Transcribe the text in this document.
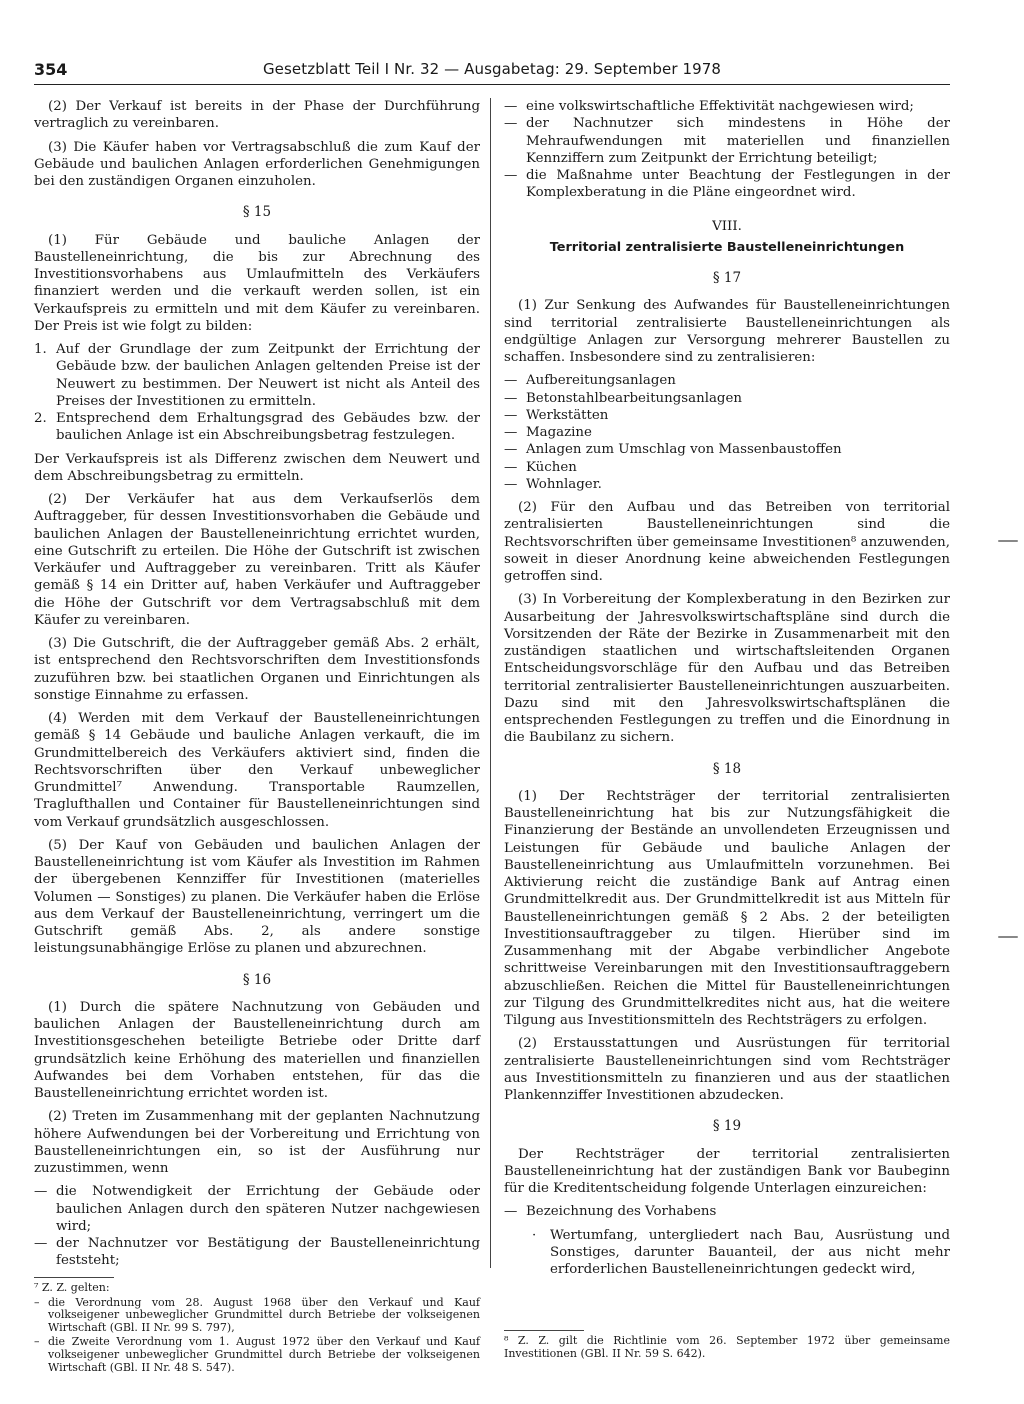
354	Gesetzblatt Teil I Nr. 32 — Ausgabetag: 29. September 1978

(2) Der Verkauf ist bereits in der Phase der Durchführung vertraglich zu vereinbaren.

(3) Die Käufer haben vor Vertragsabschluß die zum Kauf der Gebäude und baulichen Anlagen erforderlichen Genehmigungen bei den zuständigen Organen einzuholen.

§ 15

(1) Für Gebäude und bauliche Anlagen der Baustelleneinrichtung, die bis zur Abrechnung des Investitionsvorhabens aus Umlaufmitteln des Verkäufers finanziert werden und die verkauft werden sollen, ist ein Verkaufspreis zu ermitteln und mit dem Käufer zu vereinbaren. Der Preis ist wie folgt zu bilden:

1. Auf der Grundlage der zum Zeitpunkt der Errichtung der Gebäude bzw. der baulichen Anlagen geltenden Preise ist der Neuwert zu bestimmen. Der Neuwert ist nicht als Anteil des Preises der Investitionen zu ermitteln.
2. Entsprechend dem Erhaltungsgrad des Gebäudes bzw. der baulichen Anlage ist ein Abschreibungsbetrag festzulegen.

Der Verkaufspreis ist als Differenz zwischen dem Neuwert und dem Abschreibungsbetrag zu ermitteln.

(2) Der Verkäufer hat aus dem Verkaufserlös dem Auftraggeber, für dessen Investitionsvorhaben die Gebäude und baulichen Anlagen der Baustelleneinrichtung errichtet wurden, eine Gutschrift zu erteilen. Die Höhe der Gutschrift ist zwischen Verkäufer und Auftraggeber zu vereinbaren. Tritt als Käufer gemäß § 14 ein Dritter auf, haben Verkäufer und Auftraggeber die Höhe der Gutschrift vor dem Vertragsabschluß mit dem Käufer zu vereinbaren.

(3) Die Gutschrift, die der Auftraggeber gemäß Abs. 2 erhält, ist entsprechend den Rechtsvorschriften dem Investitionsfonds zuzuführen bzw. bei staatlichen Organen und Einrichtungen als sonstige Einnahme zu erfassen.

(4) Werden mit dem Verkauf der Baustelleneinrichtungen gemäß § 14 Gebäude und bauliche Anlagen verkauft, die im Grundmittelbereich des Verkäufers aktiviert sind, finden die Rechtsvorschriften über den Verkauf unbeweglicher Grundmittel⁷ Anwendung. Transportable Raumzellen, Traglufthallen und Container für Baustelleneinrichtungen sind vom Verkauf grundsätzlich ausgeschlossen.

(5) Der Kauf von Gebäuden und baulichen Anlagen der Baustelleneinrichtung ist vom Käufer als Investition im Rahmen der übergebenen Kennziffer für Investitionen (materielles Volumen — Sonstiges) zu planen. Die Verkäufer haben die Erlöse aus dem Verkauf der Baustelleneinrichtung, verringert um die Gutschrift gemäß Abs. 2, als andere sonstige leistungsunabhängige Erlöse zu planen und abzurechnen.

§ 16

(1) Durch die spätere Nachnutzung von Gebäuden und baulichen Anlagen der Baustelleneinrichtung durch am Investitionsgeschehen beteiligte Betriebe oder Dritte darf grundsätzlich keine Erhöhung des materiellen und finanziellen Aufwandes bei dem Vorhaben entstehen, für das die Baustelleneinrichtung errichtet worden ist.

(2) Treten im Zusammenhang mit der geplanten Nachnutzung höhere Aufwendungen bei der Vorbereitung und Errichtung von Baustelleneinrichtungen ein, so ist der Ausführung nur zuzustimmen, wenn

— die Notwendigkeit der Errichtung der Gebäude oder baulichen Anlagen durch den späteren Nutzer nachgewiesen wird;
— der Nachnutzer vor Bestätigung der Baustelleneinrichtung feststeht;
— eine volkswirtschaftliche Effektivität nachgewiesen wird;
— der Nachnutzer sich mindestens in Höhe der Mehraufwendungen mit materiellen und finanziellen Kennziffern zum Zeitpunkt der Errichtung beteiligt;
— die Maßnahme unter Beachtung der Festlegungen in der Komplexberatung in die Pläne eingeordnet wird.
VIII.
Territorial zentralisierte Baustelleneinrichtungen
§ 17

(1) Zur Senkung des Aufwandes für Baustelleneinrichtungen sind territorial zentralisierte Baustelleneinrichtungen als endgültige Anlagen zur Versorgung mehrerer Baustellen zu schaffen. Insbesondere sind zu zentralisieren:

— Aufbereitungsanlagen
— Betonstahlbearbeitungsanlagen
— Werkstätten
— Magazine
— Anlagen zum Umschlag von Massenbaustoffen
— Küchen
— Wohnlager.

(2) Für den Aufbau und das Betreiben von territorial zentralisierten Baustelleneinrichtungen sind die Rechtsvorschriften über gemeinsame Investitionen⁸ anzuwenden, soweit in dieser Anordnung keine abweichenden Festlegungen getroffen sind.

(3) In Vorbereitung der Komplexberatung in den Bezirken zur Ausarbeitung der Jahresvolkswirtschaftspläne sind durch die Vorsitzenden der Räte der Bezirke in Zusammenarbeit mit den zuständigen staatlichen und wirtschaftsleitenden Organen Entscheidungsvorschläge für den Aufbau und das Betreiben territorial zentralisierter Baustelleneinrichtungen auszuarbeiten. Dazu sind mit den Jahresvolkswirtschaftsplänen die entsprechenden Festlegungen zu treffen und die Einordnung in die Baubilanz zu sichern.

§ 18

(1) Der Rechtsträger der territorial zentralisierten Baustelleneinrichtung hat bis zur Nutzungsfähigkeit die Finanzierung der Bestände an unvollendeten Erzeugnissen und Leistungen für Gebäude und bauliche Anlagen der Baustelleneinrichtung aus Umlaufmitteln vorzunehmen. Bei Aktivierung reicht die zuständige Bank auf Antrag einen Grundmittelkredit aus. Der Grundmittelkredit ist aus Mitteln für Baustelleneinrichtungen gemäß § 2 Abs. 2 der beteiligten Investitionsauftraggeber zu tilgen. Hierüber sind im Zusammenhang mit der Abgabe verbindlicher Angebote schrittweise Vereinbarungen mit den Investitionsauftraggebern abzuschließen. Reichen die Mittel für Baustelleneinrichtungen zur Tilgung des Grundmittelkredites nicht aus, hat die weitere Tilgung aus Investitionsmitteln des Rechtsträgers zu erfolgen.

(2) Erstausstattungen und Ausrüstungen für territorial zentralisierte Baustelleneinrichtungen sind vom Rechtsträger aus Investitionsmitteln zu finanzieren und aus der staatlichen Plankennziffer Investitionen abzudecken.

§ 19

Der Rechtsträger der territorial zentralisierten Baustelleneinrichtung hat der zuständigen Bank vor Baubeginn für die Kreditentscheidung folgende Unterlagen einzureichen:

— Bezeichnung des Vorhabens
· Wertumfang, untergliedert nach Bau, Ausrüstung und Sonstiges, darunter Bauanteil, der aus nicht mehr erforderlichen Baustelleneinrichtungen gedeckt wird,
⁷ Z. Z. gelten:
– die Verordnung vom 28. August 1968 über den Verkauf und Kauf volkseigener unbeweglicher Grundmittel durch Betriebe der volkseigenen Wirtschaft (GBl. II Nr. 99 S. 797),
– die Zweite Verordnung vom 1. August 1972 über den Verkauf und Kauf volkseigener unbeweglicher Grundmittel durch Betriebe der volkseigenen Wirtschaft (GBl. II Nr. 48 S. 547).
⁸ Z. Z. gilt die Richtlinie vom 26. September 1972 über gemeinsame Investitionen (GBl. II Nr. 59 S. 642).
